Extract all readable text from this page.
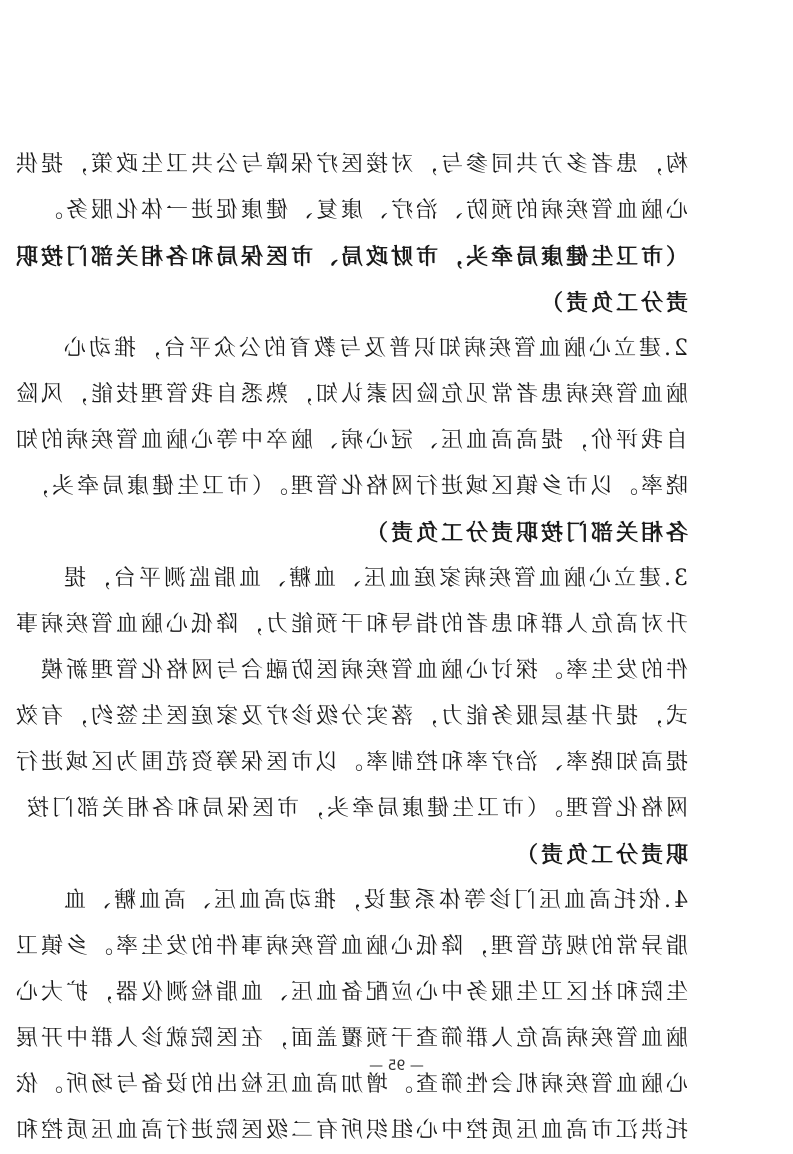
构，患者多方共同参与，对接医疗保障与公共卫生政策，提供
心脑血管疾病的预防、治疗、康复、健康促进一体化服务。
（市卫生健康局牵头，市财政局、市医保局和各相关部门按职
责分工负责）
2.建立心脑血管疾病知识普及与教育的公众平台，推动心
脑血管疾病患者常见危险因素认知，熟悉自我管理技能，风险
自我评价，提高高血压、冠心病、脑卒中等心脑血管疾病的知
晓率。以市乡镇区域进行网格化管理。（市卫生健康局牵头，
各相关部门按职责分工负责）
3.建立心脑血管疾病家庭血压、血糖、血脂监测平台，提
升对高危人群和患者的指导和干预能力，降低心脑血管疾病事
件的发生率。探讨心脑血管疾病医防融合与网格化管理新模
式，提升基层服务能力，落实分级诊疗及家庭医生签约，有效
提高知晓率、治疗率和控制率。以市医保筹资范围为区域进行
网格化管理。（市卫生健康局牵头，市医保局和各相关部门按
职责分工负责）
4.依托高血压门诊等体系建设，推动高血压、高血糖、血
脂异常的规范管理，降低心脑血管疾病事件的发生率。乡镇卫
生院和社区卫生服务中心应配备血压、血脂检测仪器，扩大心
脑血管疾病高危人群筛查干预覆盖面，在医院就诊人群中开展
心脑血管疾病机会性筛查。增加高血压检出的设备与场所。依
托洪江市高血压质控中心组织所有二级医院进行高血压质控和
— 95 —
